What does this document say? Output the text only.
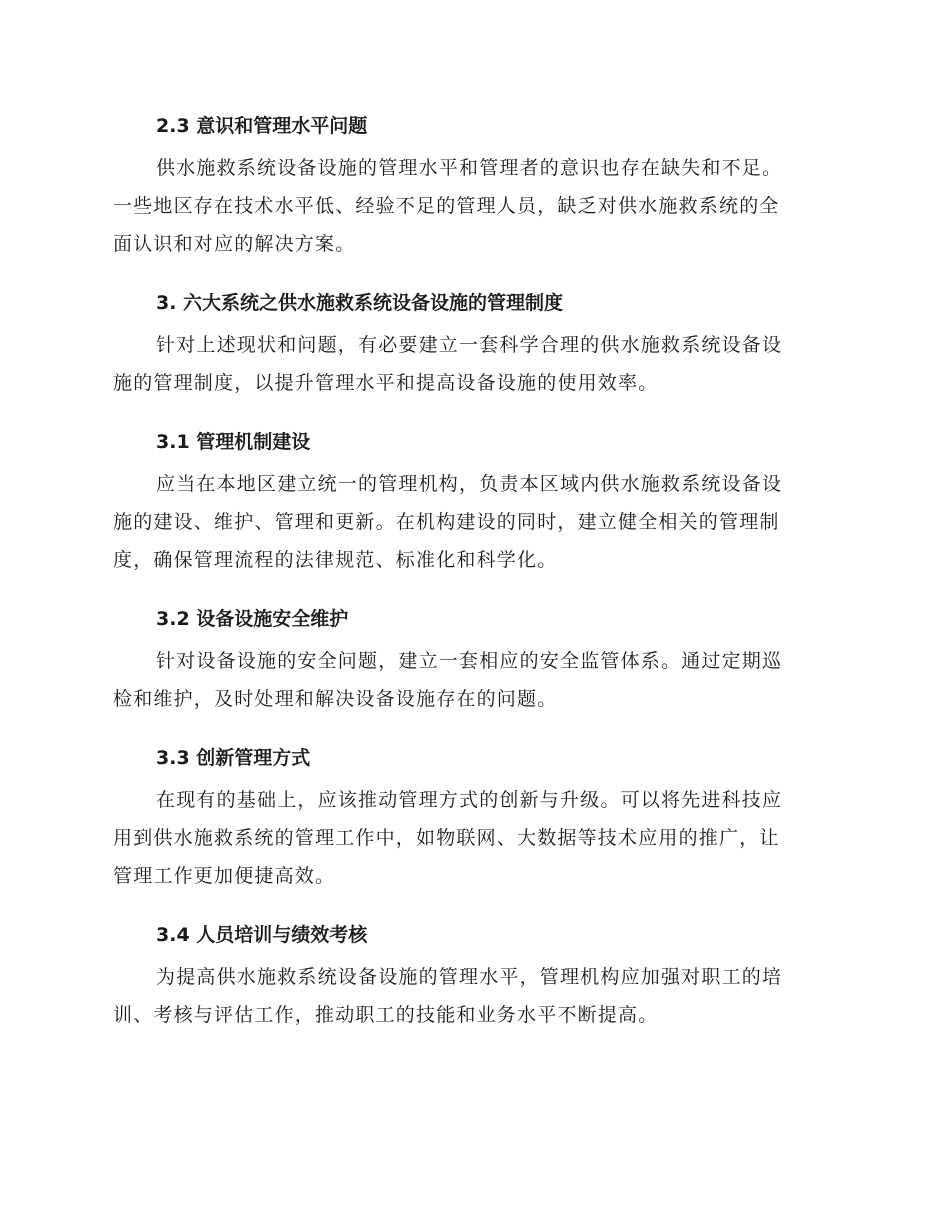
2.3 意识和管理水平问题

供水施救系统设备设施的管理水平和管理者的意识也存在缺失和不足。
一些地区存在技术水平低、经验不足的管理人员，缺乏对供水施救系统的全
面认识和对应的解决方案。

3. 六大系统之供水施救系统设备设施的管理制度

针对上述现状和问题，有必要建立一套科学合理的供水施救系统设备设
施的管理制度，以提升管理水平和提高设备设施的使用效率。

3.1 管理机制建设

应当在本地区建立统一的管理机构，负责本区域内供水施救系统设备设
施的建设、维护、管理和更新。在机构建设的同时，建立健全相关的管理制
度，确保管理流程的法律规范、标准化和科学化。

3.2 设备设施安全维护

针对设备设施的安全问题，建立一套相应的安全监管体系。通过定期巡
检和维护，及时处理和解决设备设施存在的问题。

3.3 创新管理方式

在现有的基础上，应该推动管理方式的创新与升级。可以将先进科技应
用到供水施救系统的管理工作中，如物联网、大数据等技术应用的推广，让
管理工作更加便捷高效。

3.4 人员培训与绩效考核

为提高供水施救系统设备设施的管理水平，管理机构应加强对职工的培
训、考核与评估工作，推动职工的技能和业务水平不断提高。
